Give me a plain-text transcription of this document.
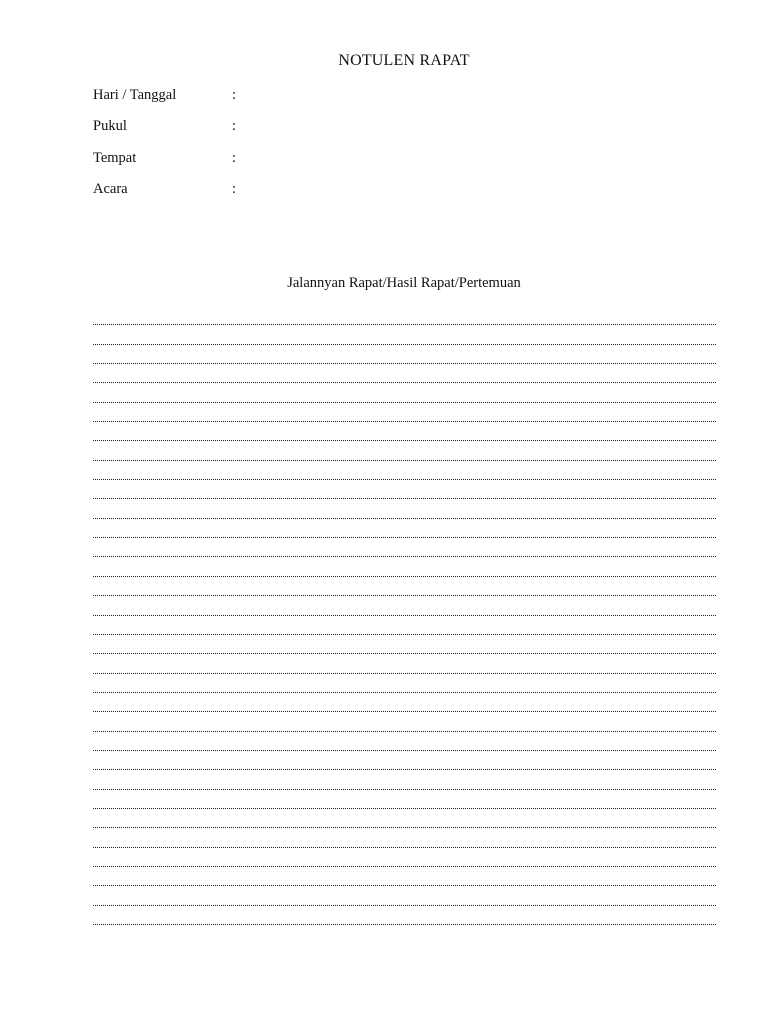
NOTULEN RAPAT
Hari / Tanggal	:
Pukul	:
Tempat	:
Acara	:
Jalannyan Rapat/Hasil Rapat/Pertemuan
